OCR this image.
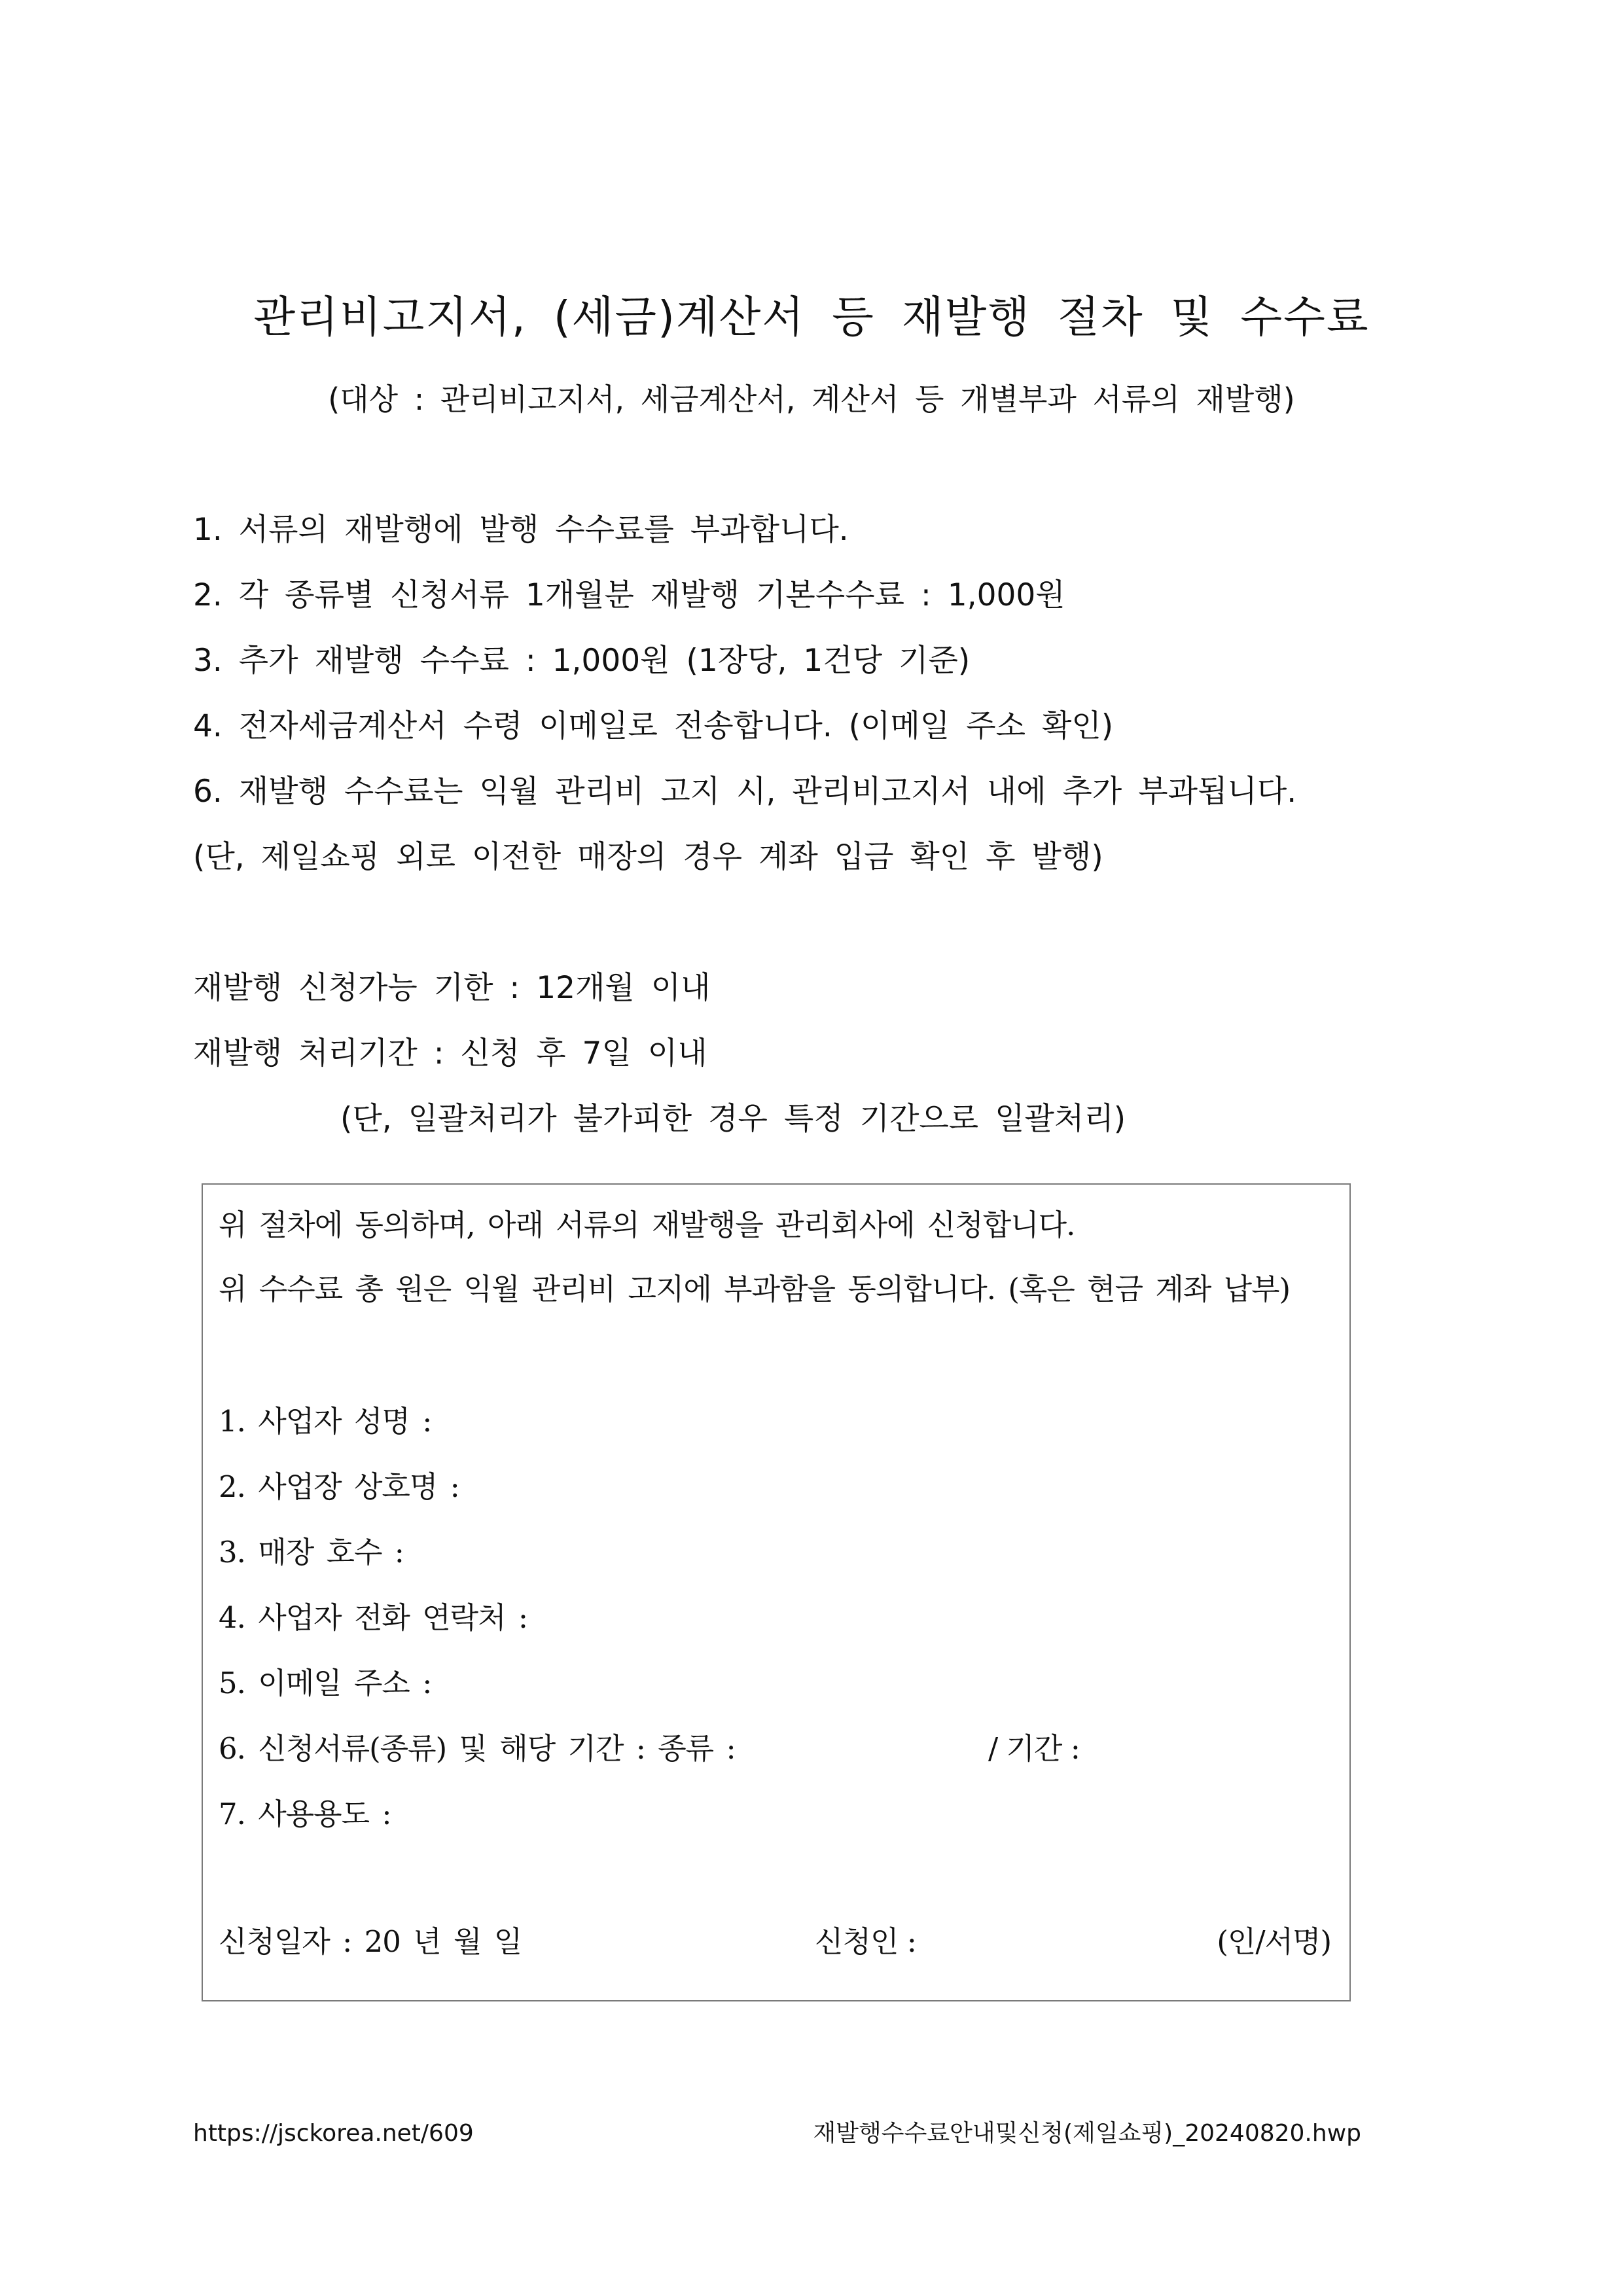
관리비고지서, (세금)계산서 등 재발행 절차 및 수수료
(대상 : 관리비고지서, 세금계산서, 계산서 등 개별부과 서류의 재발행)
1. 서류의 재발행에 발행 수수료를 부과합니다.
2. 각 종류별 신청서류 1개월분 재발행 기본수수료 : 1,000원
3. 추가 재발행 수수료 : 1,000원 (1장당, 1건당 기준)
4. 전자세금계산서 수령 이메일로 전송합니다. (이메일 주소 확인)
6. 재발행 수수료는 익월 관리비 고지 시, 관리비고지서 내에 추가 부과됩니다.
(단, 제일쇼핑 외로 이전한 매장의 경우 계좌 입금 확인 후 발행)
재발행 신청가능 기한 : 12개월 이내
재발행 처리기간 : 신청 후 7일 이내
(단, 일괄처리가 불가피한 경우 특정 기간으로 일괄처리)
위 절차에 동의하며, 아래 서류의 재발행을 관리회사에 신청합니다.
위 수수료 총 원은 익월 관리비 고지에 부과함을 동의합니다. (혹은 현금 계좌 납부)
1. 사업자 성명 :
2. 사업장 상호명 :
3. 매장 호수 :
4. 사업자 전화 연락처 :
5. 이메일 주소 :
6. 신청서류(종류) 및 해당 기간 : 종류 :	/ 기간 :
7. 사용용도 :
신청일자 : 20 년 월 일	신청인 :	(인/서명)
https://jsckorea.net/609	재발행수수료안내및신청(제일쇼핑)_20240820.hwp
